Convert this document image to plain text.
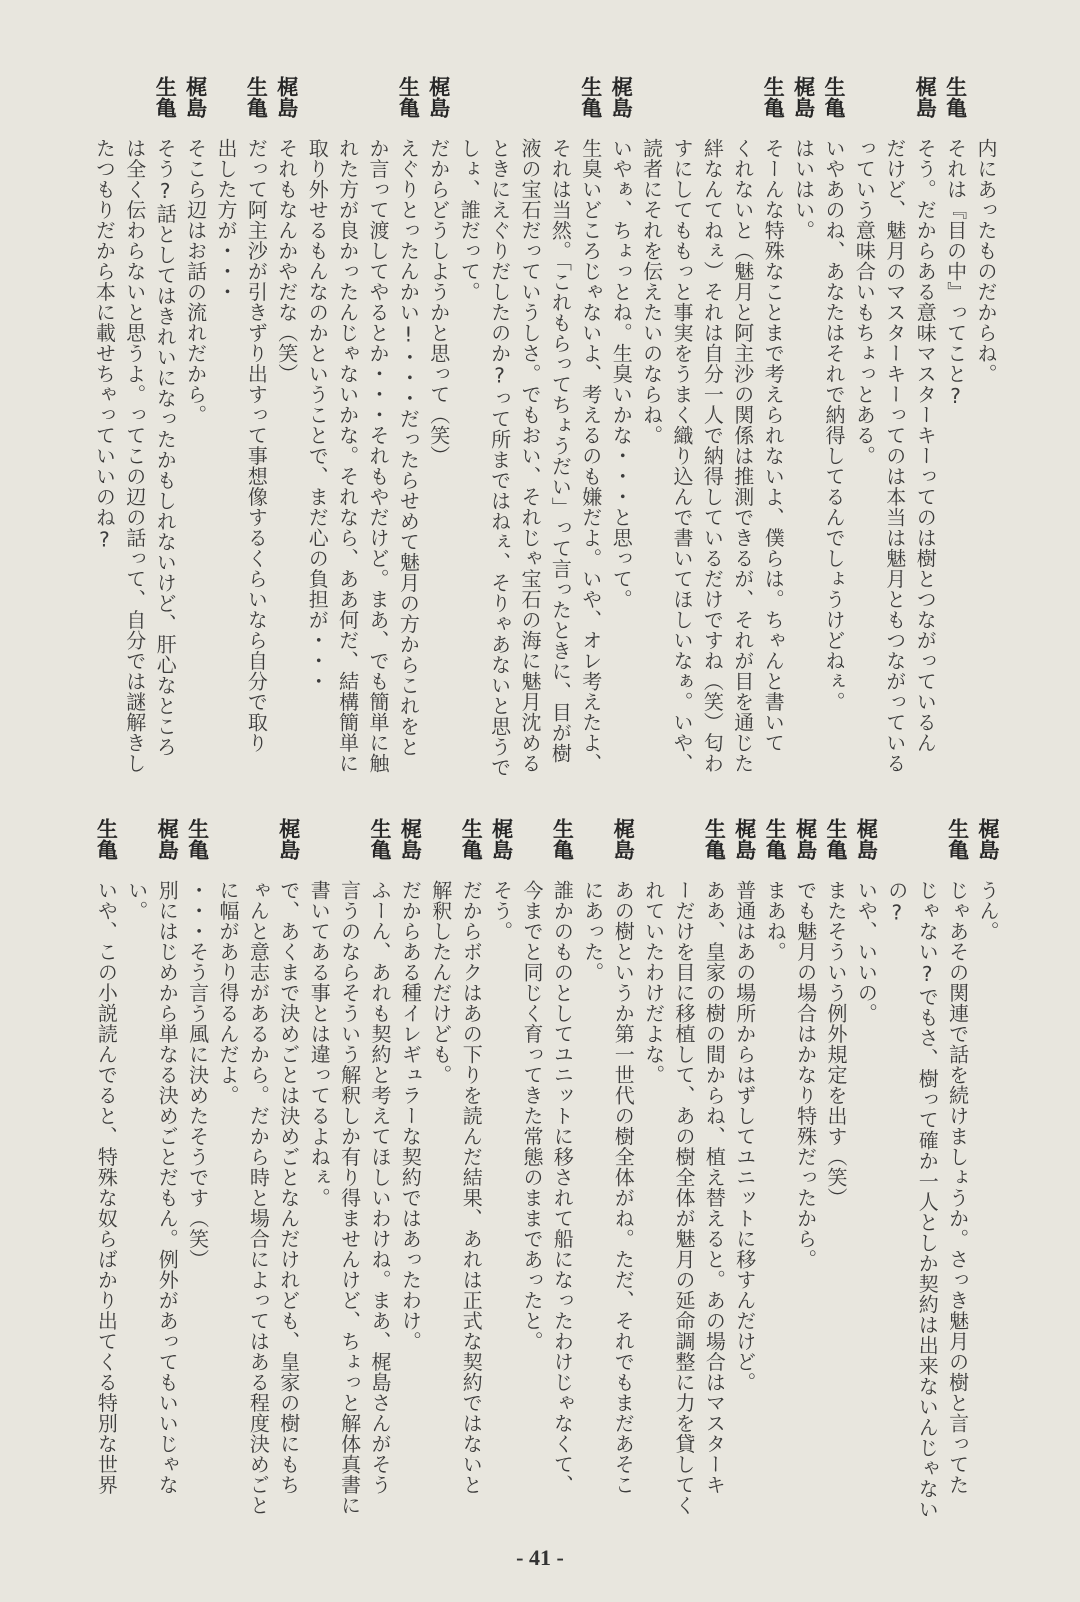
内にあったものだからね。
生亀
それは『目の中』ってこと?
梶島
そう。だからある意味マスターキーってのは樹とつながっているん
だけど、魅月のマスターキーってのは本当は魅月ともつながっている
っていう意味合いもちょっとある。
生亀
いやあのね、あなたはそれで納得してるんでしょうけどねぇ。
梶島
はいはい。
生亀
そーんな特殊なことまで考えられないよ、僕らは。ちゃんと書いて
くれないと（魅月と阿主沙の関係は推測できるが、それが目を通じた
絆なんてねぇ）それは自分一人で納得しているだけですね（笑）匂わ
すにしてももっと事実をうまく織り込んで書いてほしいなぁ。いや、
読者にそれを伝えたいのならね。
梶島
いやぁ、ちょっとね。生臭いかな・・・と思って。
生亀
生臭いどころじゃないよ、考えるのも嫌だよ。いや、オレ考えたよ、
それは当然。「これもらってちょうだい」って言ったときに、目が樹
液の宝石だっていうしさ。でもおい、それじゃ宝石の海に魅月沈める
ときにえぐりだしたのか?って所まではねぇ、そりゃあないと思うで
しょ、誰だって。
梶島
だからどうしようかと思って（笑）
生亀
えぐりとったんかい!・・・だったらせめて魅月の方からこれをと
か言って渡してやるとか・・・それもやだけど。まあ、でも簡単に触
れた方が良かったんじゃないかな。それなら、ああ何だ、結構簡単に
取り外せるもんなのかということで、まだ心の負担が・・・
梶島
それもなんかやだな（笑）
生亀
だって阿主沙が引きずり出すって事想像するくらいなら自分で取り
出した方が・・・
梶島
そこら辺はお話の流れだから。
生亀
そう?話としてはきれいになったかもしれないけど、肝心なところ
は全く伝わらないと思うよ。ってこの辺の話って、自分では謎解きし
たつもりだから本に載せちゃっていいのね?
梶島
うん。
生亀
じゃあその関連で話を続けましょうか。さっき魅月の樹と言ってた
じゃない?でもさ、樹って確か一人としか契約は出来ないんじゃない
の?
梶島
いや、いいの。
生亀
またそういう例外規定を出す（笑）
梶島
でも魅月の場合はかなり特殊だったから。
生亀
まあね。
梶島
普通はあの場所からはずしてユニットに移すんだけど。
生亀
ああ、皇家の樹の間からね、植え替えると。あの場合はマスターキ
ーだけを目に移植して、あの樹全体が魅月の延命調整に力を貸してく
れていたわけだよな。
梶島
あの樹というか第一世代の樹全体がね。ただ、それでもまだあそこ
にあった。
生亀
誰かのものとしてユニットに移されて船になったわけじゃなくて、
今までと同じく育ってきた常態のままであったと。
梶島
そう。
生亀
だからボクはあの下りを読んだ結果、あれは正式な契約ではないと
解釈したんだけども。
梶島
だからある種イレギュラーな契約ではあったわけ。
生亀
ふーん、あれも契約と考えてほしいわけね。まあ、梶島さんがそう
言うのならそういう解釈しか有り得ませんけど、ちょっと解体真書に
書いてある事とは違ってるよねぇ。
梶島
で、あくまで決めごとは決めごとなんだけれども、皇家の樹にもち
ゃんと意志があるから。だから時と場合によってはある程度決めごと
に幅があり得るんだよ。
生亀
・・・そう言う風に決めたそうです（笑）
梶島
別にはじめから単なる決めごとだもん。例外があってもいいじゃな
い。
生亀
いや、この小説読んでると、特殊な奴らばかり出てくる特別な世界
- 41 -
